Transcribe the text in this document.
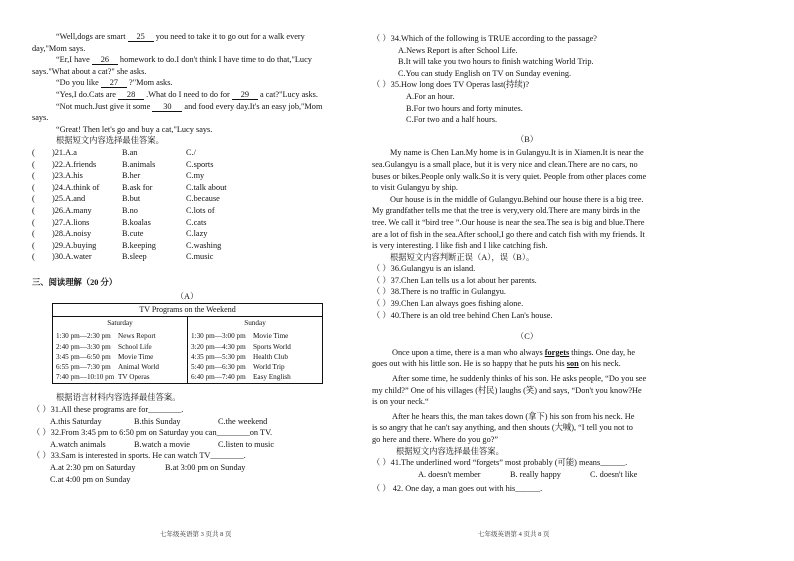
“Well,dogs are smart 25 you need to take it to go out for a walk every

day,"Mom says.

“Er,I have 26 homework to do.I don't think I have time to do that,"Lucy

says."What about a cat?" she asks.

“Do you like 27 ?"Mom asks.

“Yes,I do.Cats are 28 .What do I need to do for 29 a cat?"Lucy asks.

“Not much.Just give it some 30 and food every day.It's an easy job,"Mom

says.

“Great! Then let's go and buy a cat,"Lucy says.

根据短文内容选择最佳答案。

(	)21.A.a	B.an	C./
(	)22.A.friends	B.animals	C.sports
(	)23.A.his	B.her	C.my
(	)24.A.think of	B.ask for	C.talk about
(	)25.A.and	B.but	C.because
(	)26.A.many	B.no	C.lots of
(	)27.A.lions	B.koalas	C.cats
(	)28.A.noisy	B.cute	C.lazy
(	)29.A.buying	B.keeping	C.washing
(	)30.A.water	B.sleep	C.music

三、阅读理解（20 分）

（A）

TV Programs on the Weekend

Saturday
1:30 pm—2:30 pm	News Report
2:40 pm—3:30 pm	School Life
3:45 pm—6:50 pm	Movie Time
6:55 pm—7:30 pm	Animal World
7:40 pm—10:10 pm TV Operas

Sunday
1:30 pm—3:00 pm	Movie Time
3:20 pm—4:30 pm	Sports World
4:35 pm—5:30 pm	Health Club
5:40 pm—6:30 pm	World Trip
6:40 pm—7:40 pm	Easy English

根据语言材料内容选择最佳答案。

（ ）31.All these programs are for________.

A.this Saturday	B.this Sunday	C.the weekend

（ ）32.From 3:45 pm to 6:50 pm on Saturday you can________on TV.

A.watch animals	B.watch a movie	C.listen to music

（ ）33.Sam is interested in sports. He can watch TV________.

A.at 2:30 pm on Saturday	B.at 3:00 pm on Sunday

C.at 4:00 pm on Sunday

七年级英语第 3 页共 8 页

（ ）34.Which of the following is TRUE according to the passage?

A.News Report is after School Life.

B.It will take you two hours to finish watching World Trip.

C.You can study English on TV on Sunday evening.

（ ）35.How long does TV Operas last(持续)?

A.For an hour.

B.For two hours and forty minutes.

C.For two and a half hours.

（B）

My name is Chen Lan.My home is in Gulangyu.It is in Xiamen.It is near the

sea.Gulangyu is a small place, but it is very nice and clean.There are no cars, no

buses or bikes.People only walk.So it is very quiet. People from other places come

to visit Gulangyu by ship.

Our house is in the middle of Gulangyu.Behind our house there is a big tree.

My grandfather tells me that the tree is very,very old.There are many birds in the

tree. We call it “bird tree ”.Our house is near the sea.The sea is big and blue.There

are a lot of fish in the sea.After school,I go there and catch fish with my friends. It

is very interesting. I like fish and I like catching fish.

根据短文内容判断正误（A），误（B）。

（ ）36.Gulangyu is an island.

（ ）37.Chen Lan tells us a lot about her parents.

（ ）38.There is no traffic in Gulangyu.

（ ）39.Chen Lan always goes fishing alone.

（ ）40.There is an old tree behind Chen Lan's house.

（C）

Once upon a time, there is a man who always forgets things. One day, he

goes out with his little son. He is so happy that he puts his son on his neck.

After some time, he suddenly thinks of his son. He asks people, “Do you see

my child?” One of his villages (村民) laughs (笑) and says, “Don't you know?He

is on your neck.“

After he hears this, the man takes down (拿下) his son from his neck. He

is so angry that he can't say anything, and then shouts (大喊), “I tell you not to

go here and there. Where do you go?”

根据短文内容选择最佳答案。

（ ）41.The underlined word “forgets” most probably (可能) means______.

A. doesn't member	B. really happy	C. doesn't like

（ ） 42. One day, a man goes out with his______.

七年级英语第 4 页共 8 页
